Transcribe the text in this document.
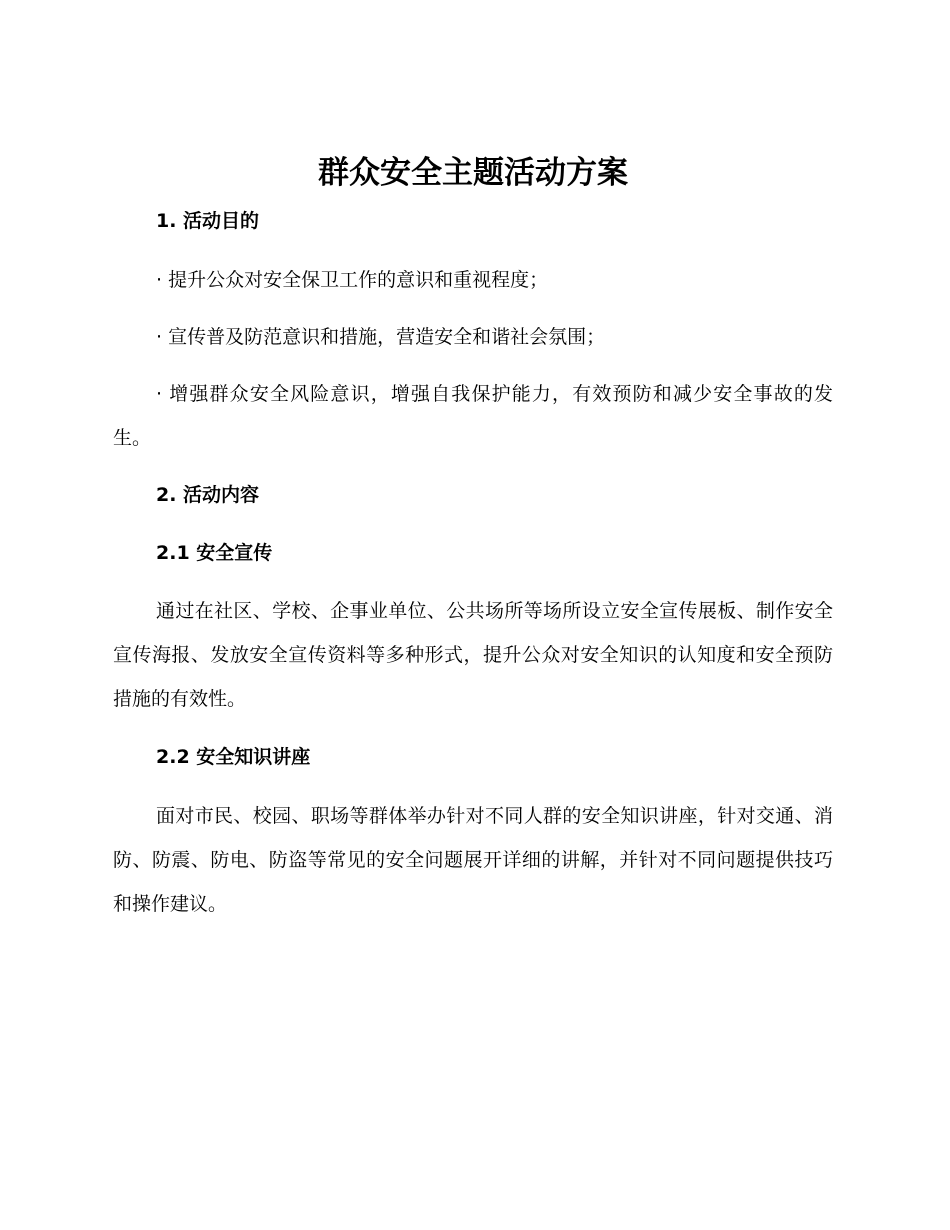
群众安全主题活动方案
1. 活动目的
· 提升公众对安全保卫工作的意识和重视程度；
· 宣传普及防范意识和措施，营造安全和谐社会氛围；
· 增强群众安全风险意识，增强自我保护能力，有效预防和减少安全事故的发生。
2. 活动内容
2.1 安全宣传
通过在社区、学校、企事业单位、公共场所等场所设立安全宣传展板、制作安全宣传海报、发放安全宣传资料等多种形式，提升公众对安全知识的认知度和安全预防措施的有效性。
2.2 安全知识讲座
面对市民、校园、职场等群体举办针对不同人群的安全知识讲座，针对交通、消防、防震、防电、防盗等常见的安全问题展开详细的讲解，并针对不同问题提供技巧和操作建议。
